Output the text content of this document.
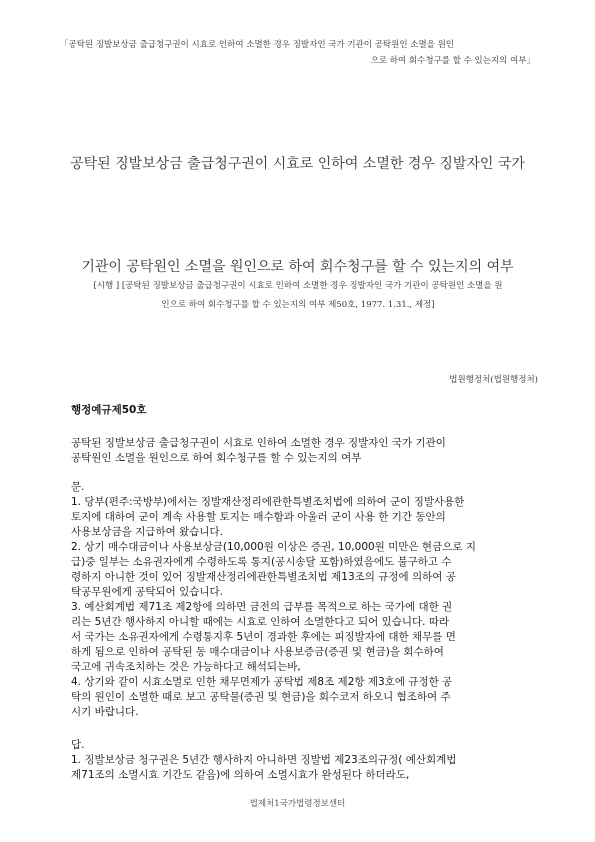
「공탁된 징발보상금 출급청구권이 시효로 인하여 소멸한 경우 징발자인 국가 기관이 공탁원인 소멸을 원인
으로 하여 회수청구를 할 수 있는지의 여부」
공탁된 징발보상금 출급청구권이 시효로 인하여 소멸한 경우 징발자인 국가
기관이 공탁원인 소멸을 원인으로 하여 회수청구를 할 수 있는지의 여부
[시행 ] [공탁된 징발보상금 출급청구권이 시효로 인하여 소멸한 경우 징발자인 국가 기관이 공탁원인 소멸을 원
인으로 하여 회수청구를 할 수 있는지의 여부 제50호, 1977. 1.31., 제정]
법원행정처(법원행정처)
행정예규제50호
공탁된 징발보상금 출급청구권이 시효로 인하여 소멸한 경우 징발자인 국가 기관이
공탁원인 소멸을 원인으로 하여 회수청구를 할 수 있는지의 여부
문.
1. 당부(편주:국방부)에서는 징발재산정리에관한특별조치법에 의하여 군이 징발사용한
토지에 대하여 군이 계속 사용할 토지는 매수함과 아울러 군이 사용 한 기간 동안의
사용보상금을 지급하여 왔습니다.
2. 상기 매수대금이나 사용보상금(10,000원 이상은 증권, 10,000원 미만은 현금으로 지
급)중 일부는 소유권자에게 수령하도록 통지(공시송달 포함)하였음에도 불구하고 수
령하지 아니한 것이 있어 징발재산정리에관한특별조치법 제13조의 규정에 의하여 공
탁공무원에게 공탁되어 있습니다.
3. 예산회계법 제71조 제2항에 의하면 금전의 급부를 목적으로 하는 국가에 대한 권
리는 5년간 행사하지 아니할 때에는 시효로 인하여 소멸한다고 되어 있습니다. 따라
서 국가는 소유권자에게 수령통지후 5년이 경과한 후에는 피징발자에 대한 채무를 면
하게 됨으로 인하여 공탁된 동 매수대금이나 사용보증금(증권 및 현금)을 회수하여
국고에 귀속조치하는 것은 가능하다고 해석되는바,
4. 상기와 같이 시효소멸로 인한 채무면제가 공탁법 제8조 제2항 제3호에 규정한 공
탁의 원인이 소멸한 때로 보고 공탁물(증권 및 현금)을 회수코저 하오니 협조하여 주
시기 바랍니다.
답.
1. 징발보상금 청구권은 5년간 행사하지 아니하면 징발법 제23조의규정( 예산회계법
제71조의 소멸시효 기간도 같음)에 의하여 소멸시효가 완성된다 하더라도,
법제처1국가법령정보센터
